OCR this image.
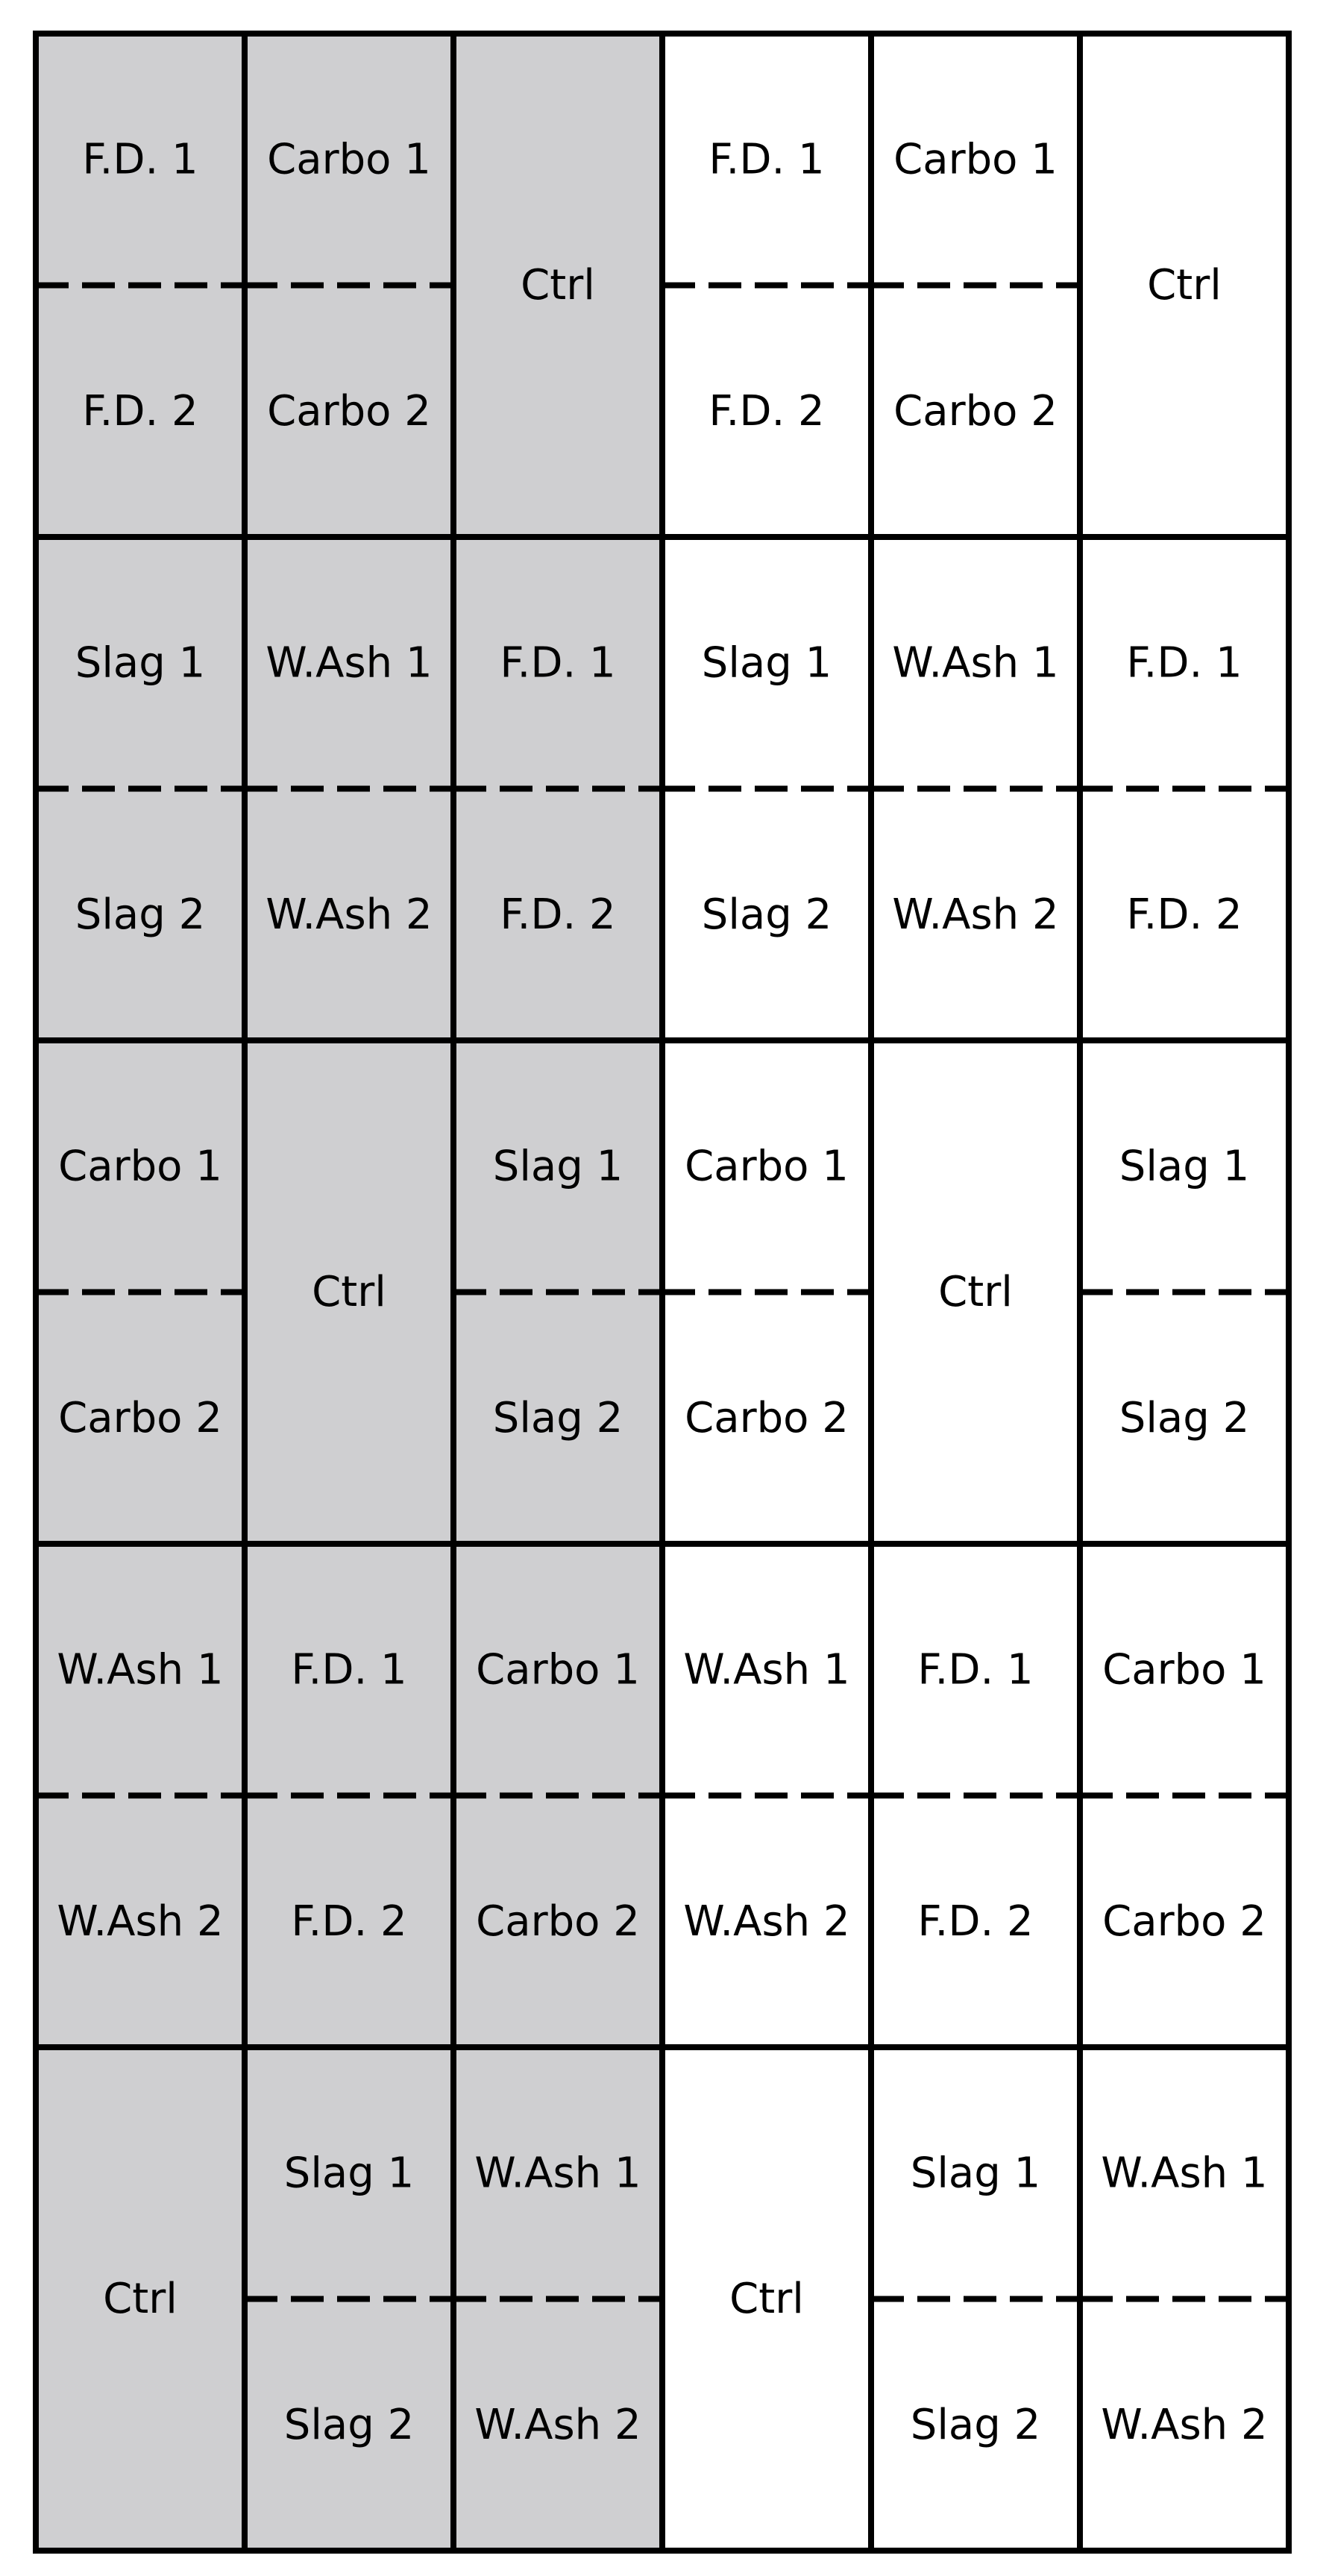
F.D. 1
F.D. 2
Carbo 1
Carbo 2
Ctrl
F.D. 1
F.D. 2
Carbo 1
Carbo 2
Ctrl
Slag 1
Slag 2
W.Ash 1
W.Ash 2
F.D. 1
F.D. 2
Slag 1
Slag 2
W.Ash 1
W.Ash 2
F.D. 1
F.D. 2
Carbo 1
Carbo 2
Ctrl
Slag 1
Slag 2
Carbo 1
Carbo 2
Ctrl
Slag 1
Slag 2
W.Ash 1
W.Ash 2
F.D. 1
F.D. 2
Carbo 1
Carbo 2
W.Ash 1
W.Ash 2
F.D. 1
F.D. 2
Carbo 1
Carbo 2
Ctrl
Slag 1
Slag 2
W.Ash 1
W.Ash 2
Ctrl
Slag 1
Slag 2
W.Ash 1
W.Ash 2
